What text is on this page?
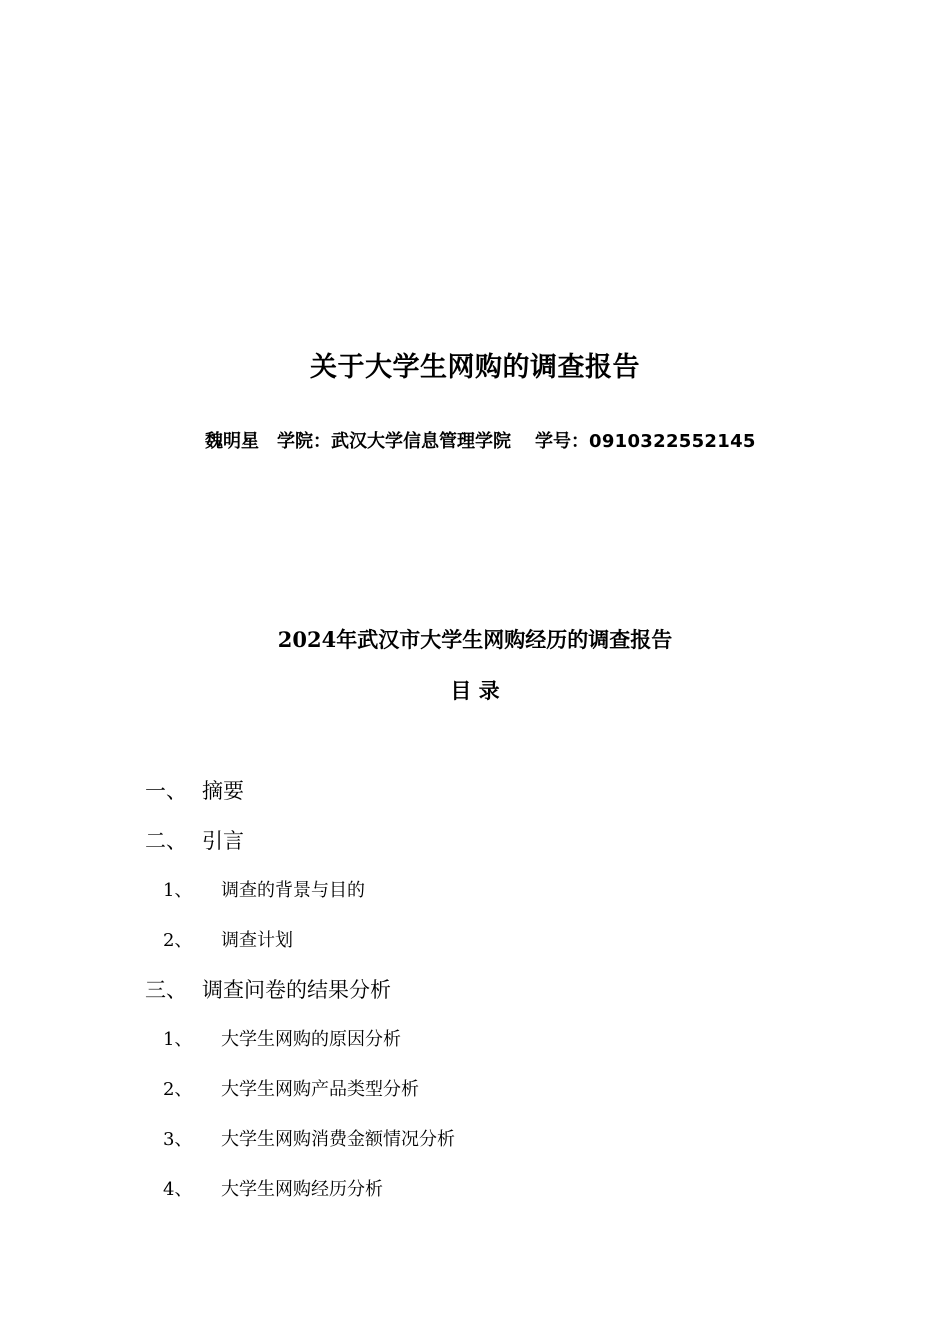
关于大学生网购的调查报告
魏明星 学院：武汉大学信息管理学院 学号：0910322552145
2024年武汉市大学生网购经历的调查报告
目 录
一、 摘要
二、 引言
1、 调查的背景与目的
2、 调查计划
三、 调查问卷的结果分析
1、 大学生网购的原因分析
2、 大学生网购产品类型分析
3、 大学生网购消费金额情况分析
4、 大学生网购经历分析
